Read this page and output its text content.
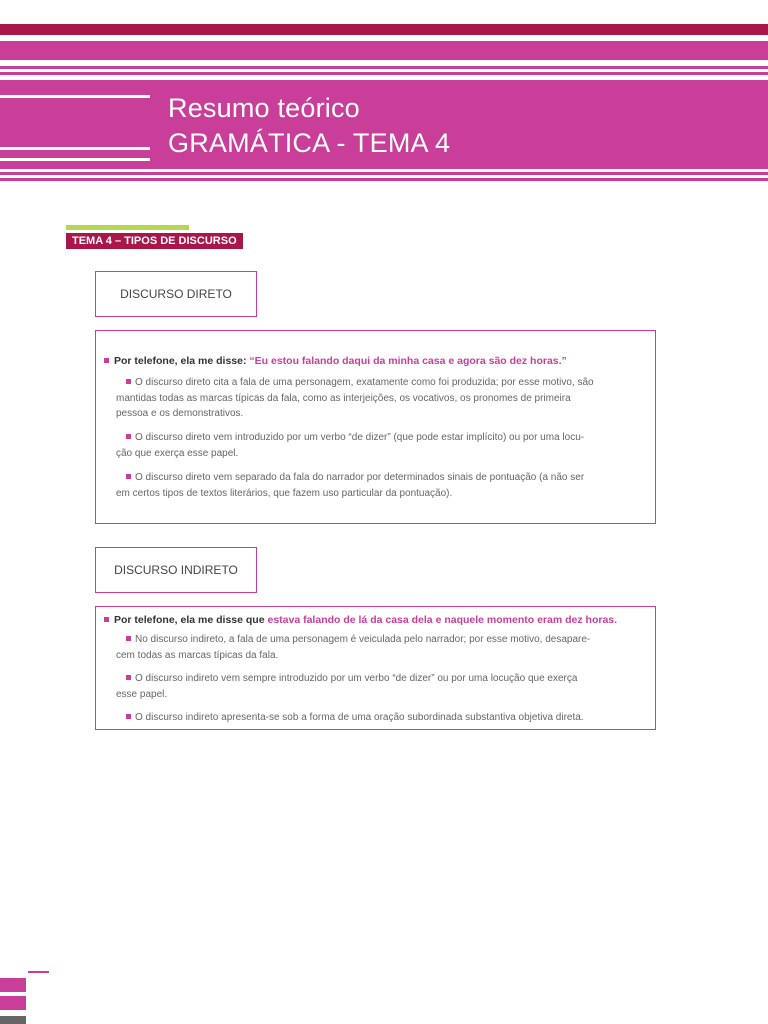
Resumo teórico
GRAMÁTICA - TEMA 4
TEMA 4 – TIPOS DE DISCURSO
DISCURSO DIRETO
Por telefone, ela me disse: “Eu estou falando daqui da minha casa e agora são dez horas.”
O discurso direto cita a fala de uma personagem, exatamente como foi produzida; por esse motivo, são
mantidas todas as marcas típicas da fala, como as interjeições, os vocativos, os pronomes de primeira
pessoa e os demonstrativos.
O discurso direto vem introduzido por um verbo “de dizer” (que pode estar implícito) ou por uma locu-
ção que exerça esse papel.
O discurso direto vem separado da fala do narrador por determinados sinais de pontuação (a não ser
em certos tipos de textos literários, que fazem uso particular da pontuação).
DISCURSO INDIRETO
Por telefone, ela me disse que estava falando de lá da casa dela e naquele momento eram dez horas.
No discurso indireto, a fala de uma personagem é veiculada pelo narrador; por esse motivo, desapare-
cem todas as marcas típicas da fala.
O discurso indireto vem sempre introduzido por um verbo “de dizer” ou por uma locução que exerça
esse papel.
O discurso indireto apresenta-se sob a forma de uma oração subordinada substantiva objetiva direta.
